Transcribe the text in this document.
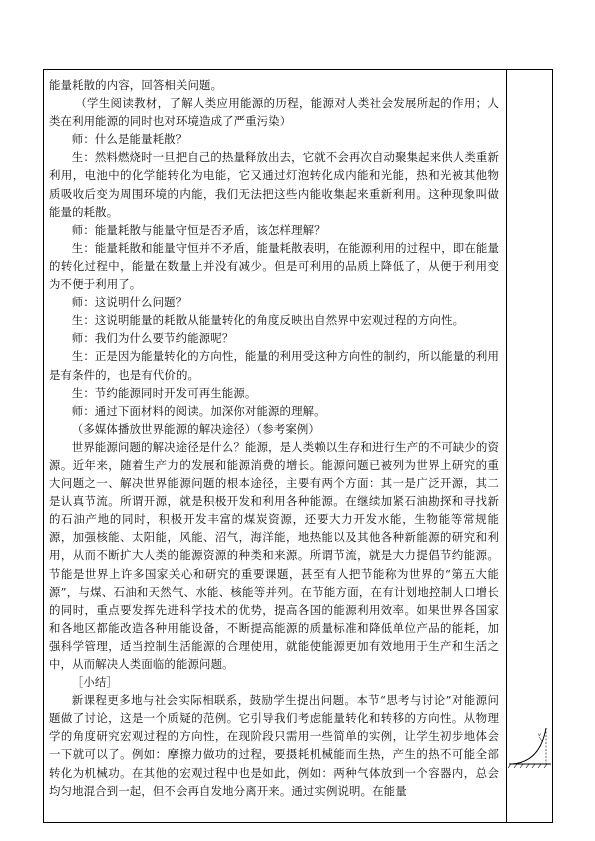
能量耗散的内容，回答相关问题。

（学生阅读教材，了解人类应用能源的历程，能源对人类社会发展所起的作用；人类在利用能源的同时也对环境造成了严重污染）

师：什么是能量耗散？

生：然料燃烧时一旦把自己的热量释放出去，它就不会再次自动聚集起来供人类重新利用，电池中的化学能转化为电能，它又通过灯泡转化成内能和光能，热和光被其他物质吸收后变为周围环境的内能，我们无法把这些内能收集起来重新利用。这种现象叫做能量的耗散。

师：能量耗散与能量守恒是否矛盾，该怎样理解？

生：能量耗散和能量守恒并不矛盾，能量耗散表明，在能源利用的过程中，即在能量的转化过程中，能量在数量上并没有减少。但是可利用的品质上降低了，从便于利用变为不便于利用了。

师：这说明什么问题？

生：这说明能量的耗散从能量转化的角度反映出自然界中宏观过程的方向性。

师：我们为什么要节约能源呢？

生：正是因为能量转化的方向性，能量的利用受这种方向性的制约，所以能量的利用是有条件的，也是有代价的。

生：节约能源同时开发可再生能源。

师：通过下面材料的阅读。加深你对能源的理解。

（多媒体播放世界能源的解决途径）（参考案例）

世界能源问题的解决途径是什么？能源，是人类赖以生存和进行生产的不可缺少的资源。近年来，随着生产力的发展和能源消费的增长。能源问题已被列为世界上研究的重大问题之一、解决世界能源问题的根本途径，主要有两个方面：其一是广泛开源，其二是认真节流。所谓开源，就是积极开发和利用各种能源。在继续加紧石油勘探和寻找新的石油产地的同时，积极开发丰富的煤炭资源，还要大力开发水能，生物能等常规能源，加强核能、太阳能，风能、沼气，海洋能，地热能以及其他各种新能源的研究和利用，从而不断扩大人类的能源资源的种类和来源。所谓节流，就是大力提倡节约能源。节能是世界上许多国家关心和研究的重要课题，甚至有人把节能称为世界的“第五大能源”，与煤、石油和天然气、水能、核能等并列。在节能方面，在有计划地控制人口增长的同时，重点要发挥先进科学技术的优势，提高各国的能源利用效率。如果世界各国家和各地区都能改造各种用能设备，不断提高能源的质量标准和降低单位产品的能耗，加强科学管理，适当控制生活能源的合理使用，就能使能源更加有效地用于生产和生活之中，从而解决人类面临的能源问题。

［小结］

新课程更多地与社会实际相联系，鼓励学生提出问题。本节“思考与讨论”对能源问题做了讨论，这是一个质疑的范例。它引导我们考虑能量转化和转移的方向性。从物理学的角度研究宏观过程的方向性，在现阶段只需用一些简单的实例，让学生初步地体会一下就可以了。例如：摩擦力做功的过程，要摄耗机械能而生热，产生的热不可能全部转化为机械功。在其他的宏观过程中也是如此，例如：两种气体放到一个容器内，总会均匀地混合到一起，但不会再自发地分离开来。通过实例说明。在能量

v
